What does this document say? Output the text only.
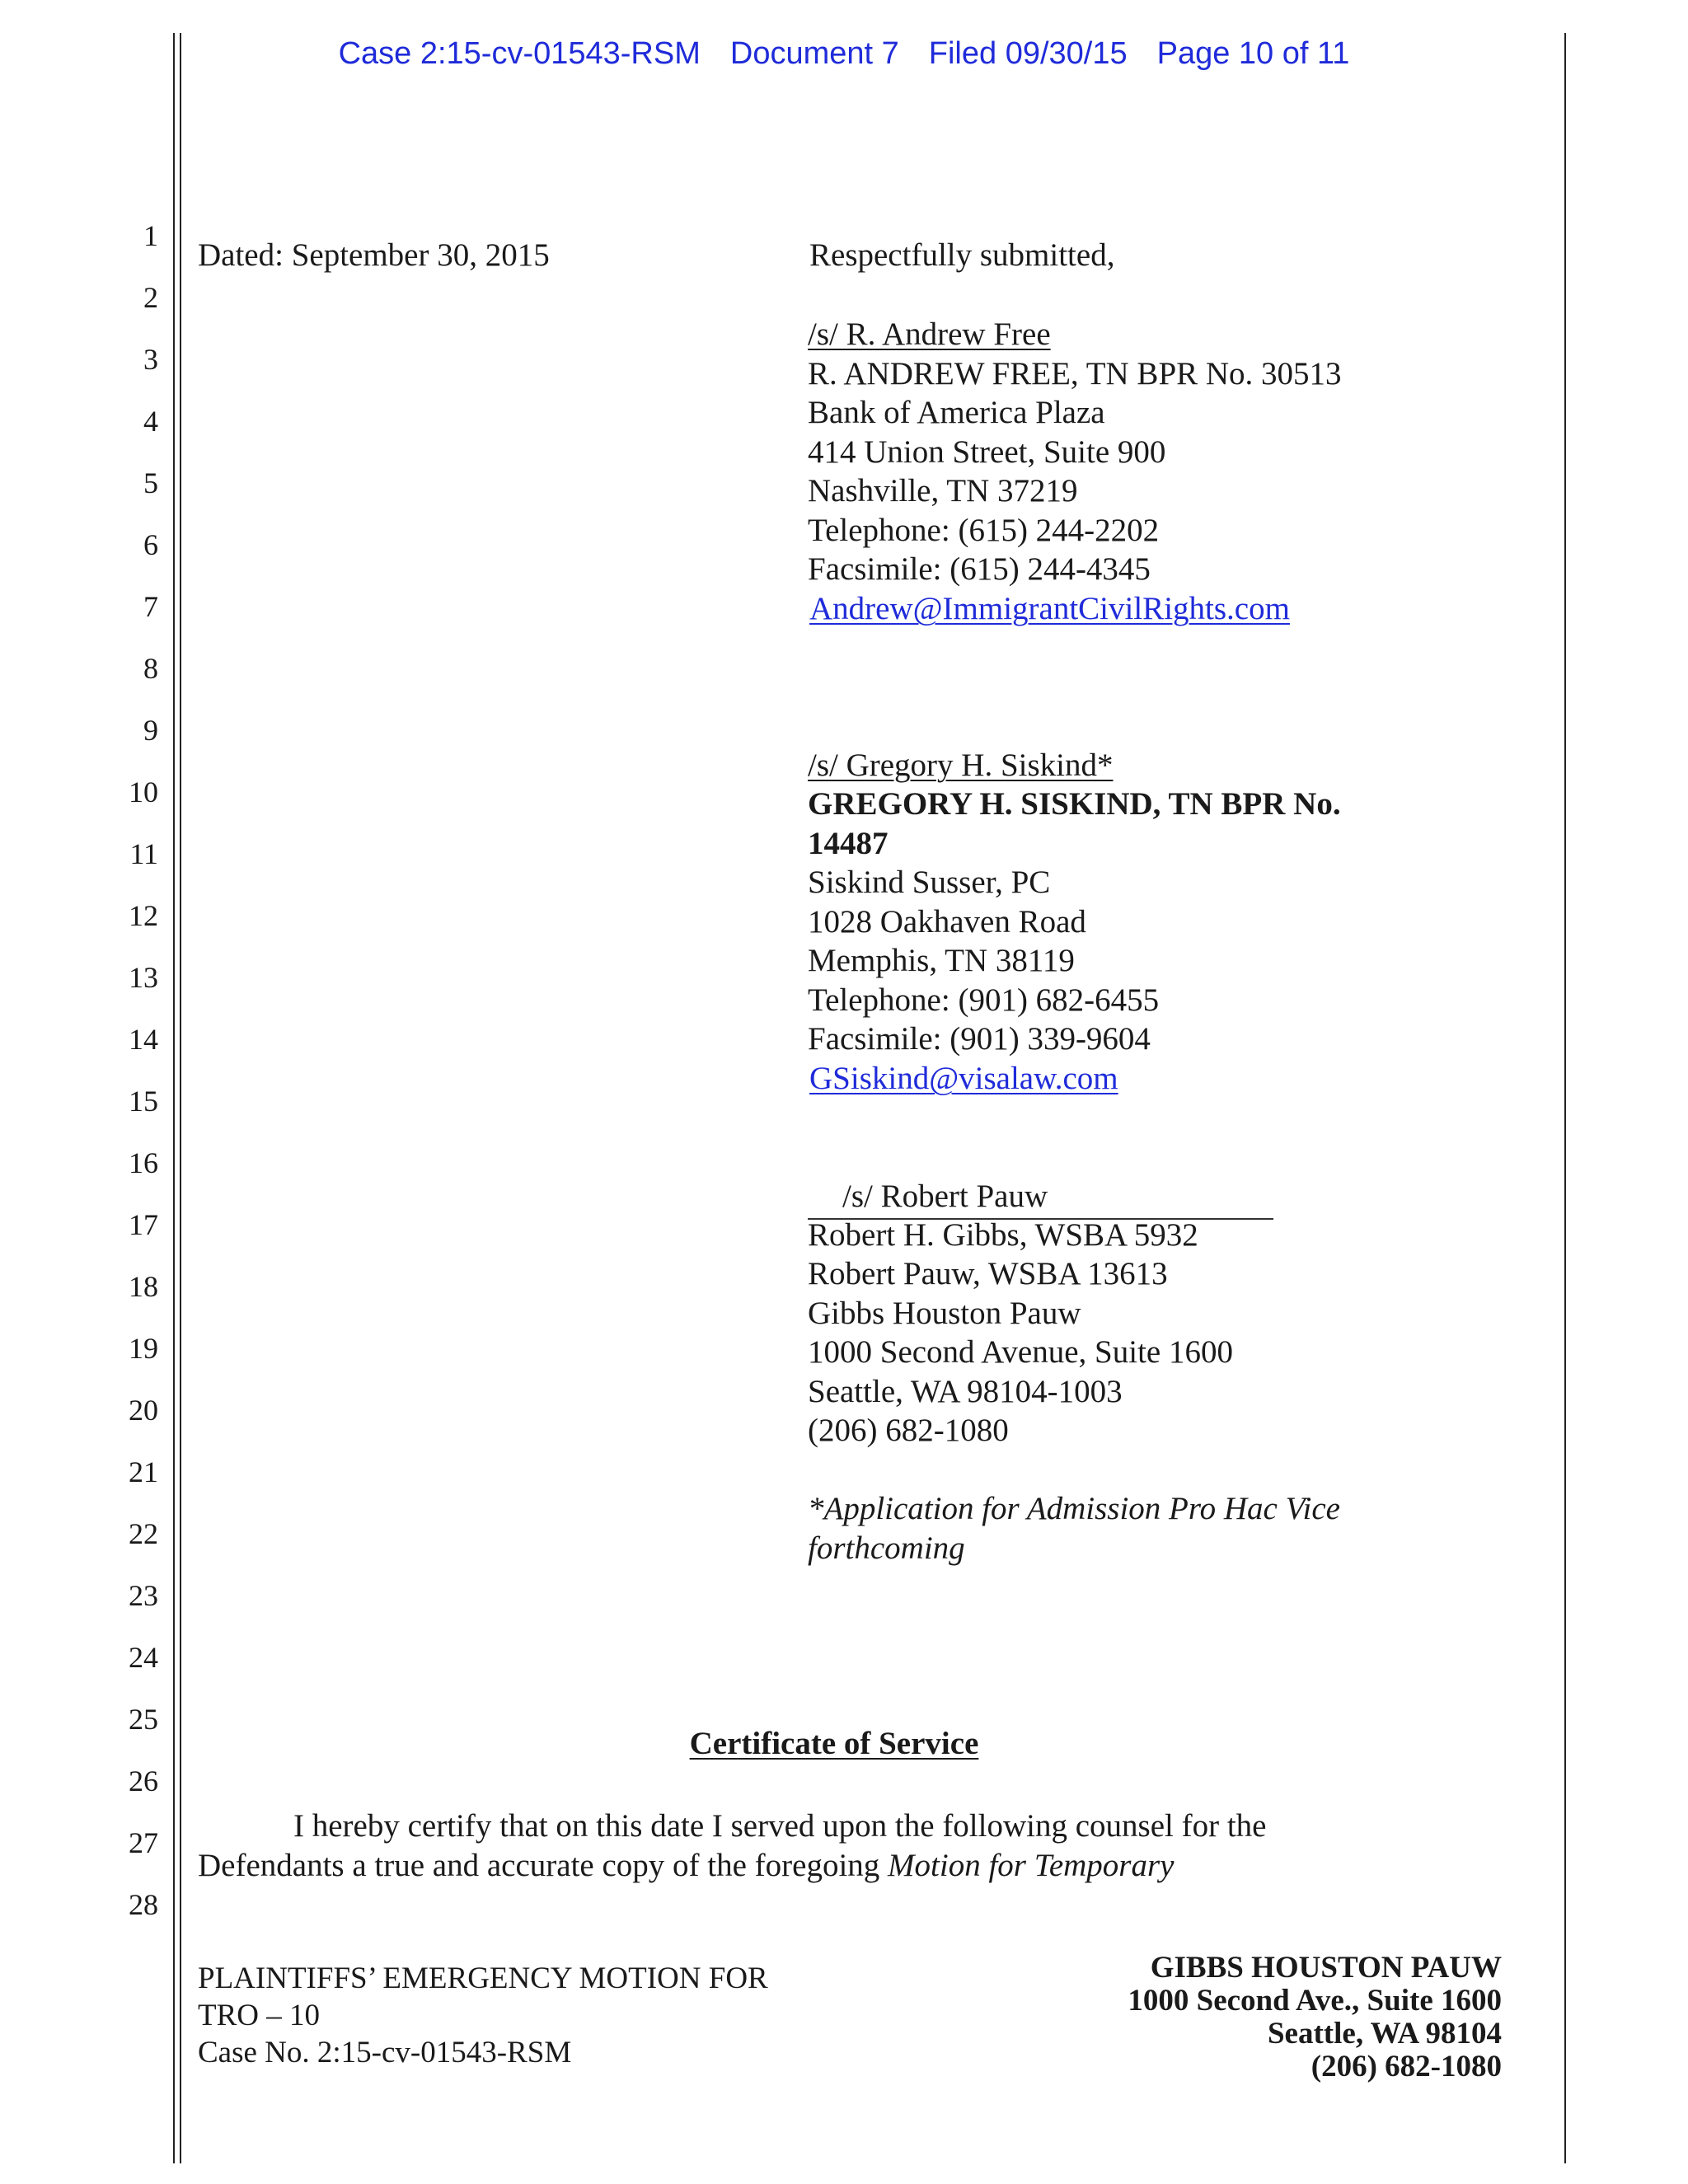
Case 2:15-cv-01543-RSM Document 7 Filed 09/30/15 Page 10 of 11
1
2
3
4
5
6
7
8
9
10
11
12
13
14
15
16
17
18
19
20
21
22
23
24
25
26
27
28
Dated: September 30, 2015	Respectfully submitted,
/s/ R. Andrew Free
R. ANDREW FREE, TN BPR No. 30513
Bank of America Plaza
414 Union Street, Suite 900
Nashville, TN 37219
Telephone: (615) 244-2202
Facsimile: (615) 244-4345
Andrew@ImmigrantCivilRights.com
/s/ Gregory H. Siskind*
GREGORY H. SISKIND, TN BPR No.
14487
Siskind Susser, PC
1028 Oakhaven Road
Memphis, TN 38119
Telephone: (901) 682-6455
Facsimile: (901) 339-9604
GSiskind@visalaw.com
/s/ Robert Pauw
Robert H. Gibbs, WSBA 5932
Robert Pauw, WSBA 13613
Gibbs Houston Pauw
1000 Second Avenue, Suite 1600
Seattle, WA 98104-1003
(206) 682-1080
*Application for Admission Pro Hac Vice
forthcoming
Certificate of Service
I hereby certify that on this date I served upon the following counsel for the
Defendants a true and accurate copy of the foregoing Motion for Temporary
PLAINTIFFS’ EMERGENCY MOTION FOR
TRO – 10
Case No. 2:15-cv-01543-RSM
GIBBS HOUSTON PAUW
1000 Second Ave., Suite 1600
Seattle, WA 98104
(206) 682-1080
